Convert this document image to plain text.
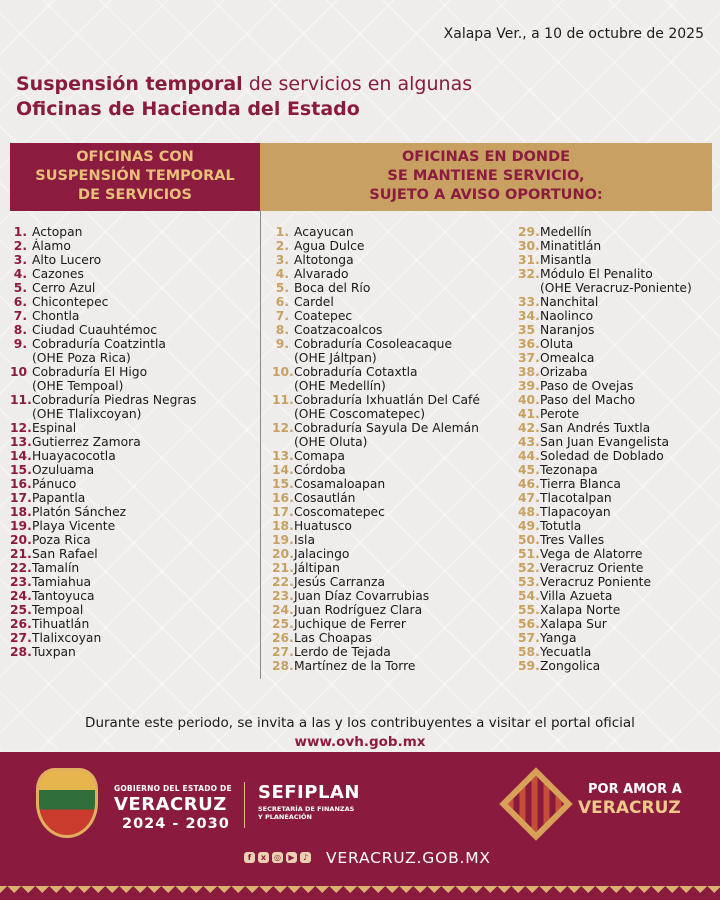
Xalapa Ver., a 10 de octubre de 2025
Suspensión temporal de servicios en algunas
Oficinas de Hacienda del Estado
OFICINAS CON
SUSPENSIÓN TEMPORAL
DE SERVICIOS
OFICINAS EN DONDE
SE MANTIENE SERVICIO,
SUJETO A AVISO OPORTUNO:
1. Actopan
2. Álamo
3. Alto Lucero
4. Cazones
5. Cerro Azul
6. Chicontepec
7. Chontla
8. Ciudad Cuauhtémoc
9. Cobraduría Coatzintla
(OHE Poza Rica)
10 Cobraduría El Higo
(OHE Tempoal)
11. Cobraduría Piedras Negras
(OHE Tlalixcoyan)
12. Espinal
13. Gutierrez Zamora
14. Huayacocotla
15. Ozuluama
16. Pánuco
17. Papantla
18. Platón Sánchez
19. Playa Vicente
20. Poza Rica
21. San Rafael
22. Tamalín
23. Tamiahua
24. Tantoyuca
25. Tempoal
26. Tihuatlán
27. Tlalixcoyan
28. Tuxpan
1. Acayucan
2. Agua Dulce
3. Altotonga
4. Alvarado
5. Boca del Río
6. Cardel
7. Coatepec
8. Coatzacoalcos
9. Cobraduría Cosoleacaque
(OHE Jáltpan)
10. Cobraduría Cotaxtla
(OHE Medellín)
11. Cobraduría Ixhuatlán Del Café
(OHE Coscomatepec)
12. Cobraduría Sayula De Alemán
(OHE Oluta)
13. Comapa
14. Córdoba
15. Cosamaloapan
16. Cosautlán
17. Coscomatepec
18. Huatusco
19. Isla
20. Jalacingo
21. Jáltipan
22. Jesús Carranza
23. Juan Díaz Covarrubias
24. Juan Rodríguez Clara
25. Juchique de Ferrer
26. Las Choapas
27. Lerdo de Tejada
28. Martínez de la Torre
29. Medellín
30. Minatitlán
31. Misantla
32. Módulo El Penalito
(OHE Veracruz-Poniente)
33. Nanchital
34. Naolinco
35 Naranjos
36. Oluta
37. Omealca
38. Orizaba
39. Paso de Ovejas
40. Paso del Macho
41. Perote
42. San Andrés Tuxtla
43. San Juan Evangelista
44. Soledad de Doblado
45. Tezonapa
46. Tierra Blanca
47. Tlacotalpan
48. Tlapacoyan
49. Totutla
50. Tres Valles
51. Vega de Alatorre
52. Veracruz Oriente
53. Veracruz Poniente
54. Villa Azueta
55. Xalapa Norte
56. Xalapa Sur
57. Yanga
58. Yecuatla
59. Zongolica
Durante este periodo, se invita a las y los contribuyentes a visitar el portal oficial
www.ovh.gob.mx
GOBIERNO DEL ESTADO DE
VERACRUZ
2024 - 2030
SEFIPLAN
SECRETARÍA DE FINANZAS
Y PLANEACIÓN
POR AMOR A
VERACRUZ
f	x ◎ ▶	♪ VERACRUZ.GOB.MX
